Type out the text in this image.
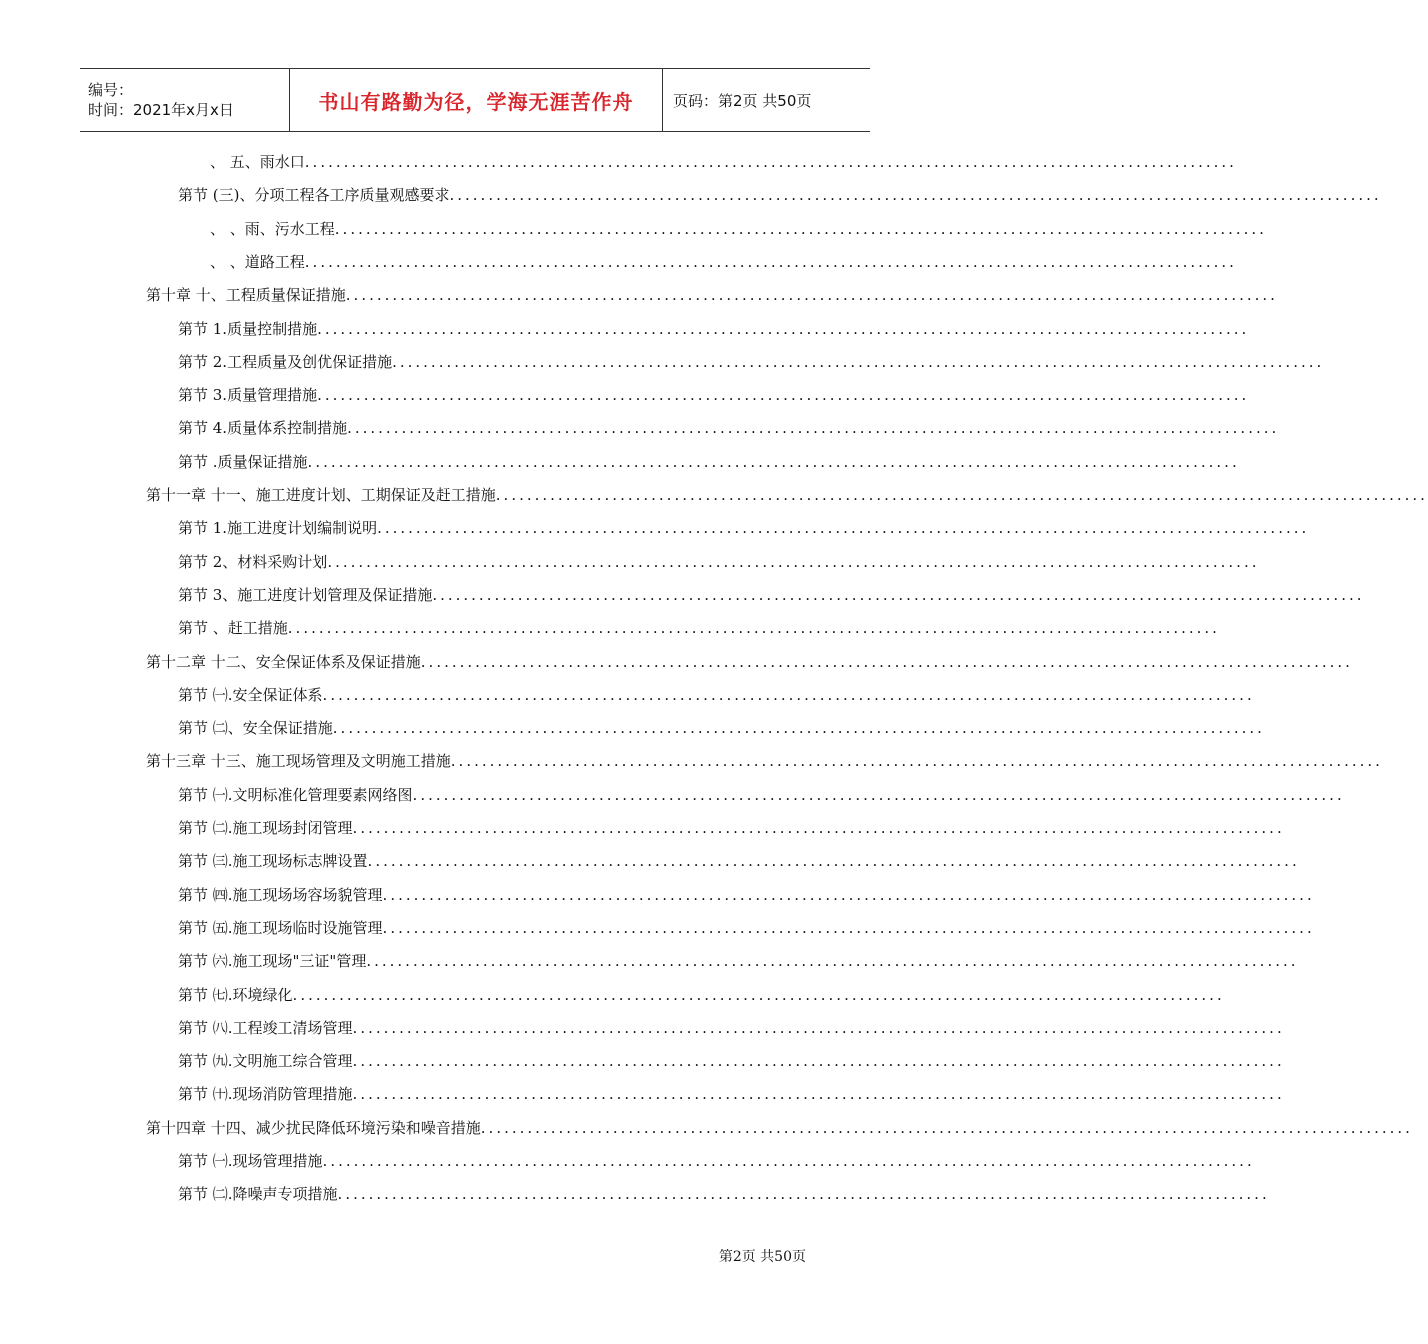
编号：
时间：2021年x月x日	书山有路勤为径，学海无涯苦作舟	页码：第2页 共50页
、 五、雨水口 ........................................................................................................................
第节 (三)、分项工程各工序质量观感要求 ........................................................................................................................
、 、雨、污水工程 ........................................................................................................................
、 、道路工程 ........................................................................................................................
第十章 十、工程质量保证措施 ........................................................................................................................
第节 1.质量控制措施 ........................................................................................................................
第节 2.工程质量及创优保证措施 ........................................................................................................................
第节 3.质量管理措施 ........................................................................................................................
第节 4.质量体系控制措施 ........................................................................................................................
第节 .质量保证措施 ........................................................................................................................
第十一章 十一、施工进度计划、工期保证及赶工措施 ........................................................................................................................
第节 1.施工进度计划编制说明 ........................................................................................................................
第节 2、材料采购计划 ........................................................................................................................
第节 3、施工进度计划管理及保证措施 ........................................................................................................................
第节 、赶工措施 ........................................................................................................................
第十二章 十二、安全保证体系及保证措施 ........................................................................................................................
第节 ㈠.安全保证体系 ........................................................................................................................
第节 ㈡、安全保证措施 ........................................................................................................................
第十三章 十三、施工现场管理及文明施工措施 ........................................................................................................................
第节 ㈠.文明标准化管理要素网络图 ........................................................................................................................
第节 ㈡.施工现场封闭管理 ........................................................................................................................
第节 ㈢.施工现场标志牌设置 ........................................................................................................................
第节 ㈣.施工现场场容场貌管理 ........................................................................................................................
第节 ㈤.施工现场临时设施管理 ........................................................................................................................
第节 ㈥.施工现场"三证"管理 ........................................................................................................................
第节 ㈦.环境绿化 ........................................................................................................................
第节 ㈧.工程竣工清场管理 ........................................................................................................................
第节 ㈨.文明施工综合管理 ........................................................................................................................
第节 ㈩.现场消防管理措施 ........................................................................................................................
第十四章 十四、减少扰民降低环境污染和噪音措施 ........................................................................................................................
第节 ㈠.现场管理措施 ........................................................................................................................
第节 ㈡.降噪声专项措施 ........................................................................................................................
第2页 共50页
